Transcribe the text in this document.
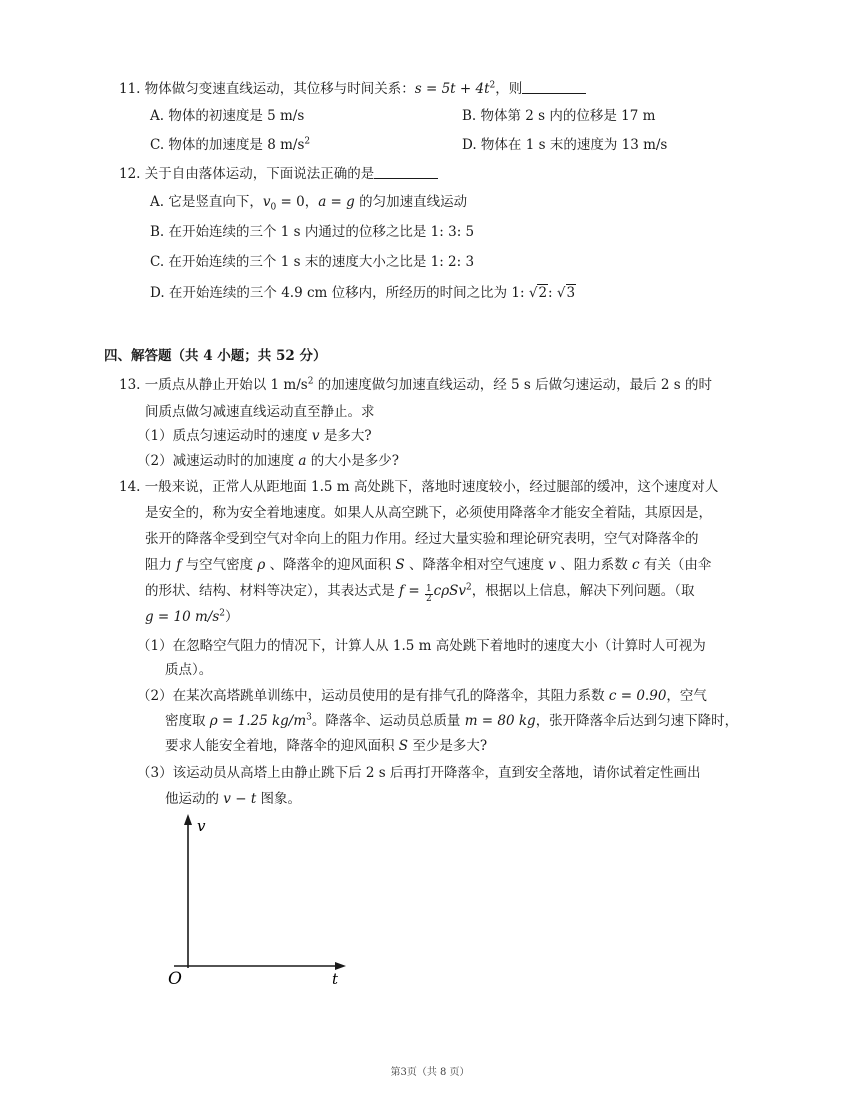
11. 物体做匀变速直线运动，其位移与时间关系：$s = 5t + 4t^2$，则
A. 物体的初速度是 5 m/s	B. 物体第 2 s 内的位移是 17 m
C. 物体的加速度是 8 $m/s^2$	D. 物体在 1 s 末的速度为 13 m/s
12. 关于自由落体运动，下面说法正确的是
A. 它是竖直向下，$v_0 = 0$，a = g 的匀加速直线运动
B. 在开始连续的三个 1 s 内通过的位移之比是 1: 3: 5
C. 在开始连续的三个 1 s 末的速度大小之比是 1: 2: 3
D. 在开始连续的三个 4.9 cm 位移内，所经历的时间之比为 1: √2: √3
四、解答题（共 4 小题；共 52 分）
13. 一质点从静止开始以 1 $m/s^2$ 的加速度做匀加速直线运动，经 5 s 后做匀速运动，最后 2 s 的时
间质点做匀减速直线运动直至静止。求
（1）质点匀速运动时的速度 v 是多大?
（2）减速运动时的加速度 a 的大小是多少?
14. 一般来说，正常人从距地面 1.5 m 高处跳下，落地时速度较小，经过腿部的缓冲，这个速度对人
是安全的，称为安全着地速度。如果人从高空跳下，必须使用降落伞才能安全着陆，其原因是，
张开的降落伞受到空气对伞向上的阻力作用。经过大量实验和理论研究表明，空气对降落伞的
阻力 f 与空气密度 ρ 、降落伞的迎风面积 S 、降落伞相对空气速度 v 、阻力系数 c 有关（由伞
的形状、结构、材料等决定），其表达式是 $f = \frac{1}{2} c\rho Sv^2$，根据以上信息，解决下列问题。（取
g = 10 $m/s^2$）
（1）在忽略空气阻力的情况下，计算人从 1.5 m 高处跳下着地时的速度大小（计算时人可视为
质点）。
（2）在某次高塔跳单训练中，运动员使用的是有排气孔的降落伞，其阻力系数 c = 0.90，空气
密度取 ρ = 1.25 $kg/m^3$。降落伞、运动员总质量 m = 80 kg，张开降落伞后达到匀速下降时，
要求人能安全着地，降落伞的迎风面积 S 至少是多大?
（3）该运动员从高塔上由静止跳下后 2 s 后再打开降落伞，直到安全落地，请你试着定性画出
他运动的 v − t 图象。
v
t
O
第3页（共 8 页）
